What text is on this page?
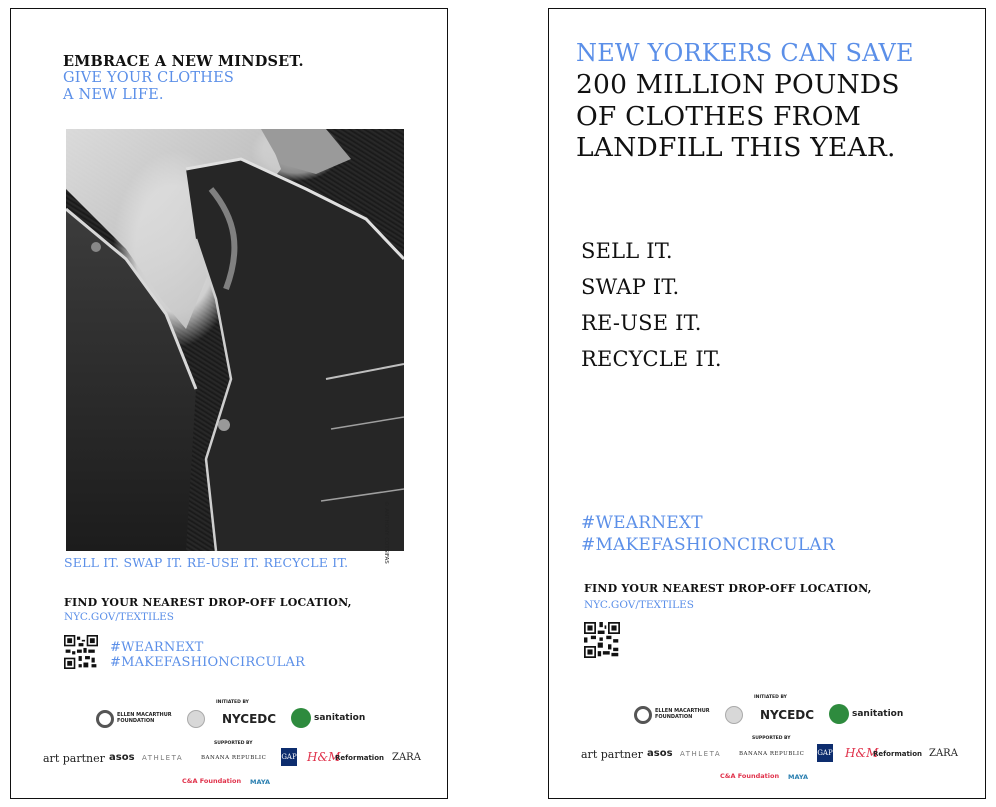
EMBRACE A NEW MINDSET.
GIVE YOUR CLOTHES
A NEW LIFE.
© ANTHONY COTSIFAS
SELL IT. SWAP IT. RE-USE IT. RECYCLE IT.
FIND YOUR NEAREST DROP-OFF LOCATION,
NYC.GOV/TEXTILES
#WEARNEXT
#MAKEFASHIONCIRCULAR
INITIATED BY
ELLEN MACARTHUR
FOUNDATION	NYCEDC	sanitation
SUPPORTED BY
art partner asos ATHLETA	BANANA REPUBLIC GAP H&M
Reformation ZARA
C&A Foundation MAYA
NEW YORKERS CAN SAVE
200 MILLION POUNDS
OF CLOTHES FROM
LANDFILL THIS YEAR.
SELL IT.
SWAP IT.
RE-USE IT.
RECYCLE IT.
#WEARNEXT
#MAKEFASHIONCIRCULAR
FIND YOUR NEAREST DROP-OFF LOCATION,
NYC.GOV/TEXTILES
INITIATED BY
ELLEN MACARTHUR
FOUNDATION	NYCEDC	sanitation
SUPPORTED BY
art partner asos ATHLETA	BANANA REPUBLIC GAP H&M
Reformation ZARA
C&A Foundation MAYA
